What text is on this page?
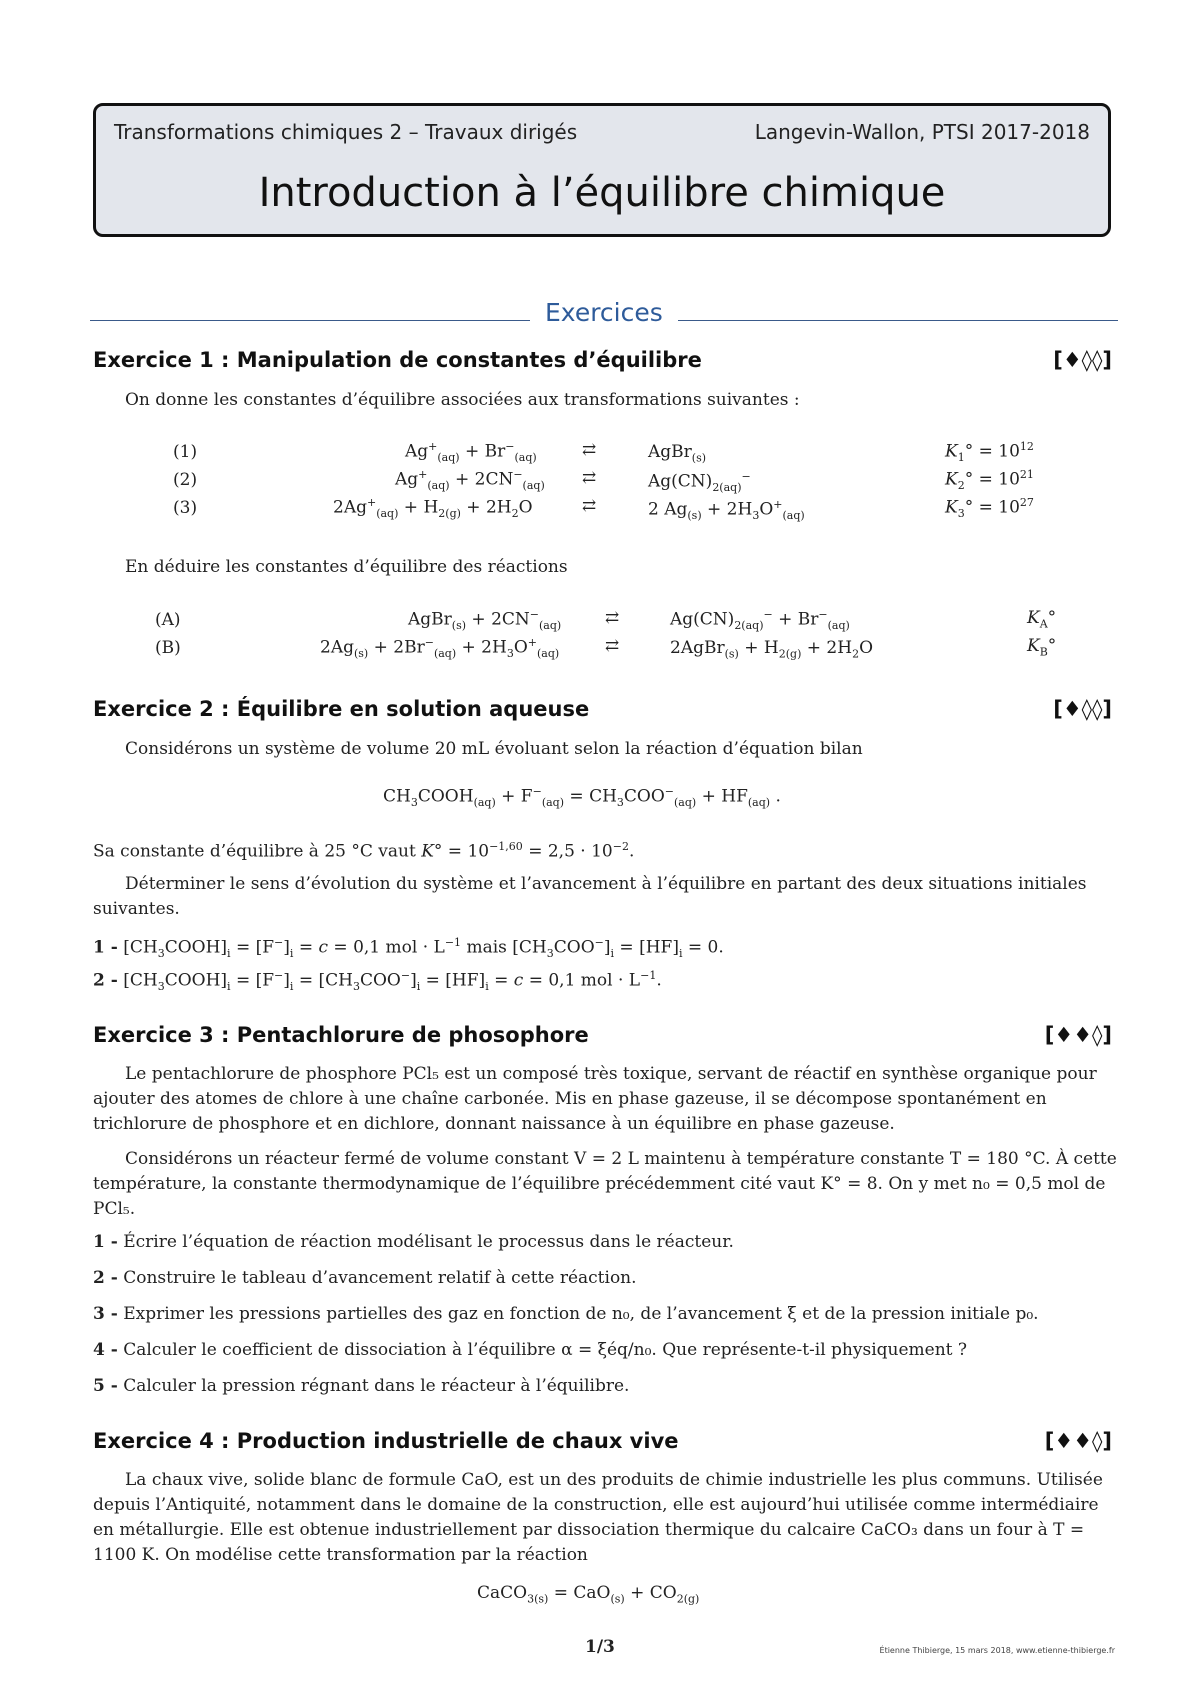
Transformations chimiques 2 – Travaux dirigés	Langevin-Wallon, PTSI 2017-2018
Introduction à l’équilibre chimique
Exercices
Exercice 1 : Manipulation de constantes d’équilibre	[♦◊◊]
On donne les constantes d’équilibre associées aux transformations suivantes :
(1)	$Ag^+_{(aq)} + Br^-_{(aq)}$	⇄	AgBr$_{(s)}$	$K_1^\circ = 10^{12}$
(2)	$Ag^+_{(aq)} + 2CN^-_{(aq)}$ ⇄	$Ag(CN)_{2(aq)}^-$	$K_2^\circ = 10^{21}$
(3)	$2Ag^+_{(aq)} + H_{2(g)} + 2H_2O$	⇄	2 $Ag_{(s)} + 2H_3O^+_{(aq)}$	$K_3^\circ = 10^{27}$
En déduire les constantes d’équilibre des réactions
(A)	AgBr$_{(s)}$ + $2CN^-_{(aq)}$	⇄	$Ag(CN)_{2(aq)}^- + Br^-_{(aq)}$	$K_A^\circ$
(B)	$2Ag_{(s)} + 2Br^-_{(aq)} + 2H_3O^+_{(aq)}$	⇄	2AgBr$_{(s)}$ + $H_{2(g)} + 2H_2O$	$K_B^\circ$
Exercice 2 : Équilibre en solution aqueuse	[♦◊◊]
Considérons un système de volume 20 mL évoluant selon la réaction d’équation bilan
$CH_3COOH_{(aq)} + F^-_{(aq)} = CH_3COO^-_{(aq)} + HF_{(aq)}$ .
Sa constante d’équilibre à 25 °C vaut $K^\circ = 10^{-1,60} = 2,5 \cdot 10^{-2}$.
Déterminer le sens d’évolution du système et l’avancement à l’équilibre en partant des deux situations initiales suivantes.
$1 - [CH_3COOH]_i = [F^-]_i = c = 0,1$ mol · $L^{-1}$ mais $[CH_3COO^-]_i = [HF]_i = 0$.
$2 - [CH_3COOH]_i = [F^-]_i = [CH_3COO^-]_i = [HF]_i = c = 0,1$ mol · $L^{-1}$.
Exercice 3 : Pentachlorure de phosophore	[♦♦◊]
Le pentachlorure de phosphore PCl₅ est un composé très toxique, servant de réactif en synthèse organique pour ajouter des atomes de chlore à une chaîne carbonée. Mis en phase gazeuse, il se décompose spontanément en trichlorure de phosphore et en dichlore, donnant naissance à un équilibre en phase gazeuse.
Considérons un réacteur fermé de volume constant V = 2 L maintenu à température constante T = 180 °C. À cette température, la constante thermodynamique de l’équilibre précédemment cité vaut K° = 8. On y met n₀ = 0,5 mol de PCl₅.
1 - Écrire l’équation de réaction modélisant le processus dans le réacteur.
2 - Construire le tableau d’avancement relatif à cette réaction.
3 - Exprimer les pressions partielles des gaz en fonction de n₀, de l’avancement ξ et de la pression initiale p₀.
4 - Calculer le coefficient de dissociation à l’équilibre α = ξéq/n₀. Que représente-t-il physiquement ?
5 - Calculer la pression régnant dans le réacteur à l’équilibre.
Exercice 4 : Production industrielle de chaux vive	[♦♦◊]
La chaux vive, solide blanc de formule CaO, est un des produits de chimie industrielle les plus communs. Utilisée depuis l’Antiquité, notamment dans le domaine de la construction, elle est aujourd’hui utilisée comme intermédiaire en métallurgie. Elle est obtenue industriellement par dissociation thermique du calcaire CaCO₃ dans un four à T = 1100 K. On modélise cette transformation par la réaction
CaCO$_{3(s)}$ = $CaO_{(s)} + CO_{2(g)}$
1/3	Étienne Thibierge, 15 mars 2018, www.etienne-thibierge.fr
